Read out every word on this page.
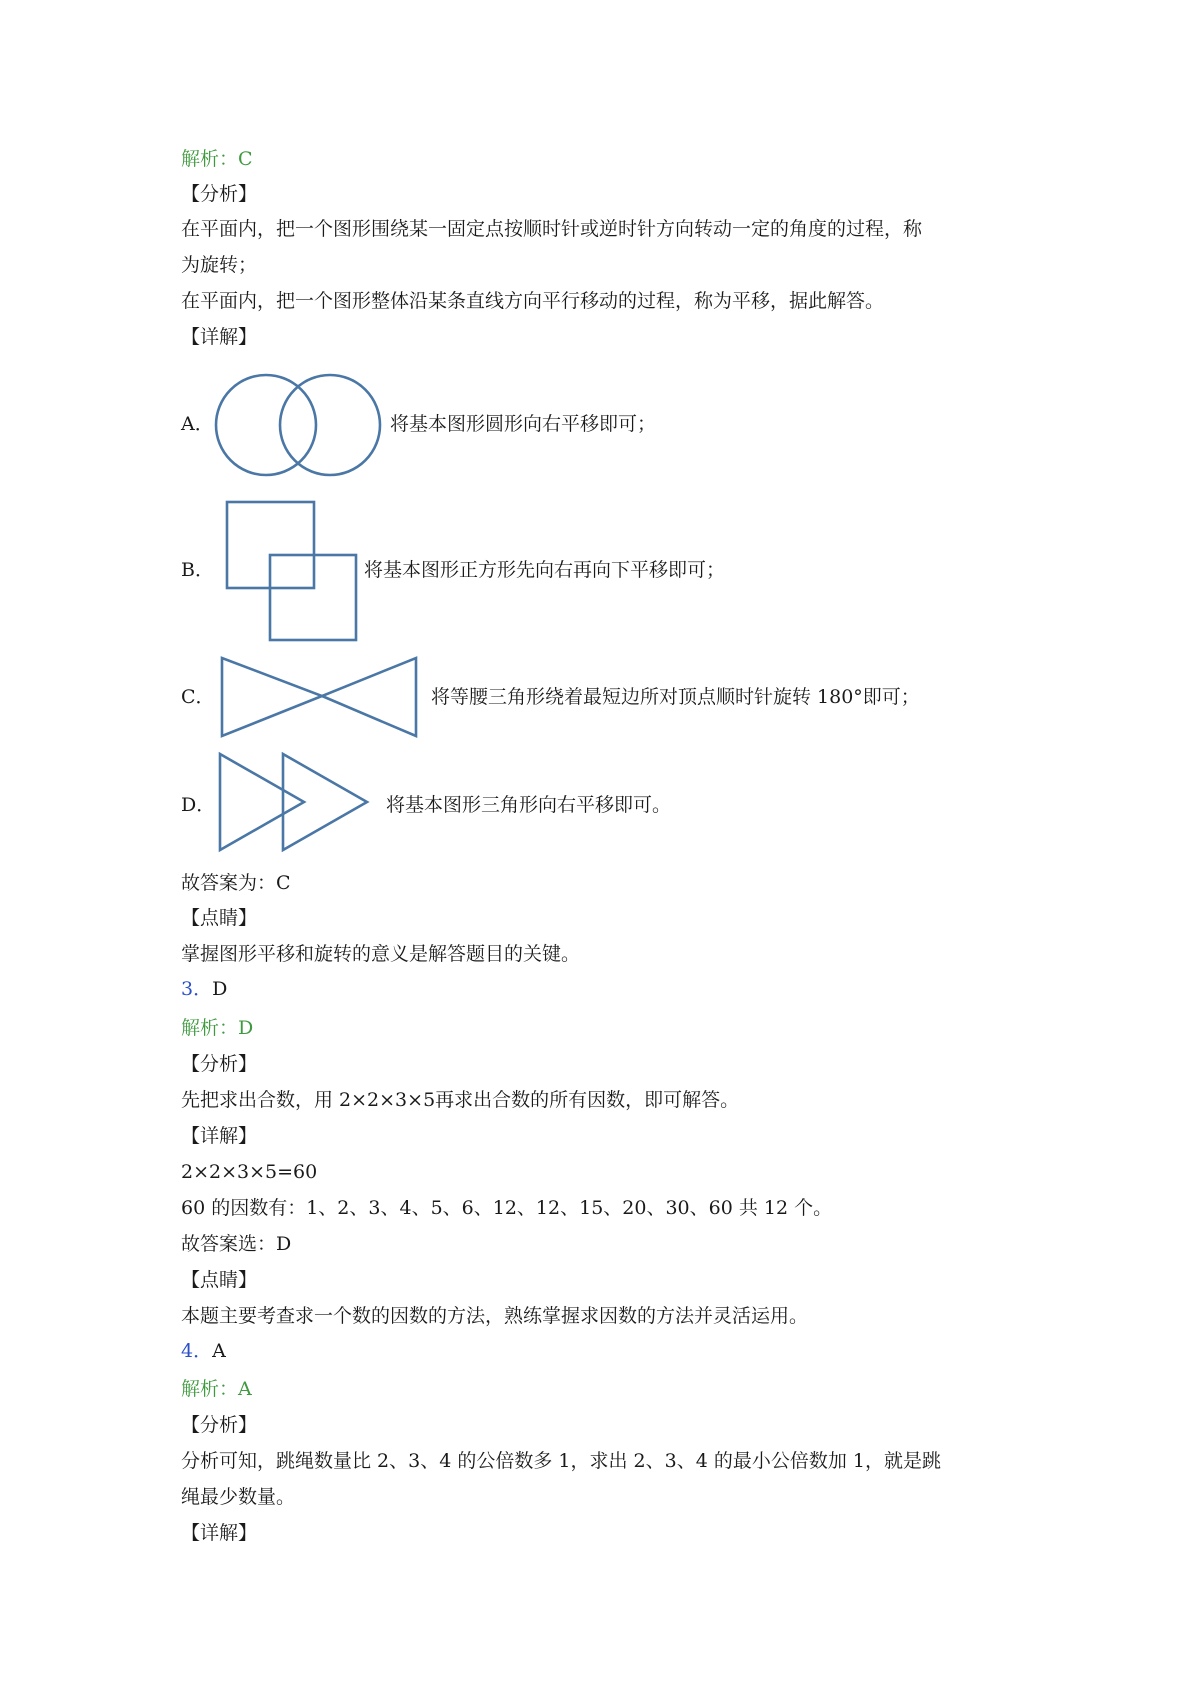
解析：C
【分析】
在平面内，把一个图形围绕某一固定点按顺时针或逆时针方向转动一定的角度的过程，称
为旋转；
在平面内，把一个图形整体沿某条直线方向平行移动的过程，称为平移，据此解答。
【详解】
A．	将基本图形圆形向右平移即可；
B．	将基本图形正方形先向右再向下平移即可；
C．	将等腰三角形绕着最短边所对顶点顺时针旋转 180°即可；
D．	将基本图形三角形向右平移即可。
故答案为：C
【点睛】
掌握图形平移和旋转的意义是解答题目的关键。
3．D
解析：D
【分析】
先把求出合数，用 2×2×3×5再求出合数的所有因数，即可解答。
【详解】
2×2×3×5=60
60 的因数有：1、2、3、4、5、6、12、12、15、20、30、60 共 12 个。
故答案选：D
【点睛】
本题主要考查求一个数的因数的方法，熟练掌握求因数的方法并灵活运用。
4．A
解析：A
【分析】
分析可知，跳绳数量比 2、3、4 的公倍数多 1，求出 2、3、4 的最小公倍数加 1，就是跳
绳最少数量。
【详解】
